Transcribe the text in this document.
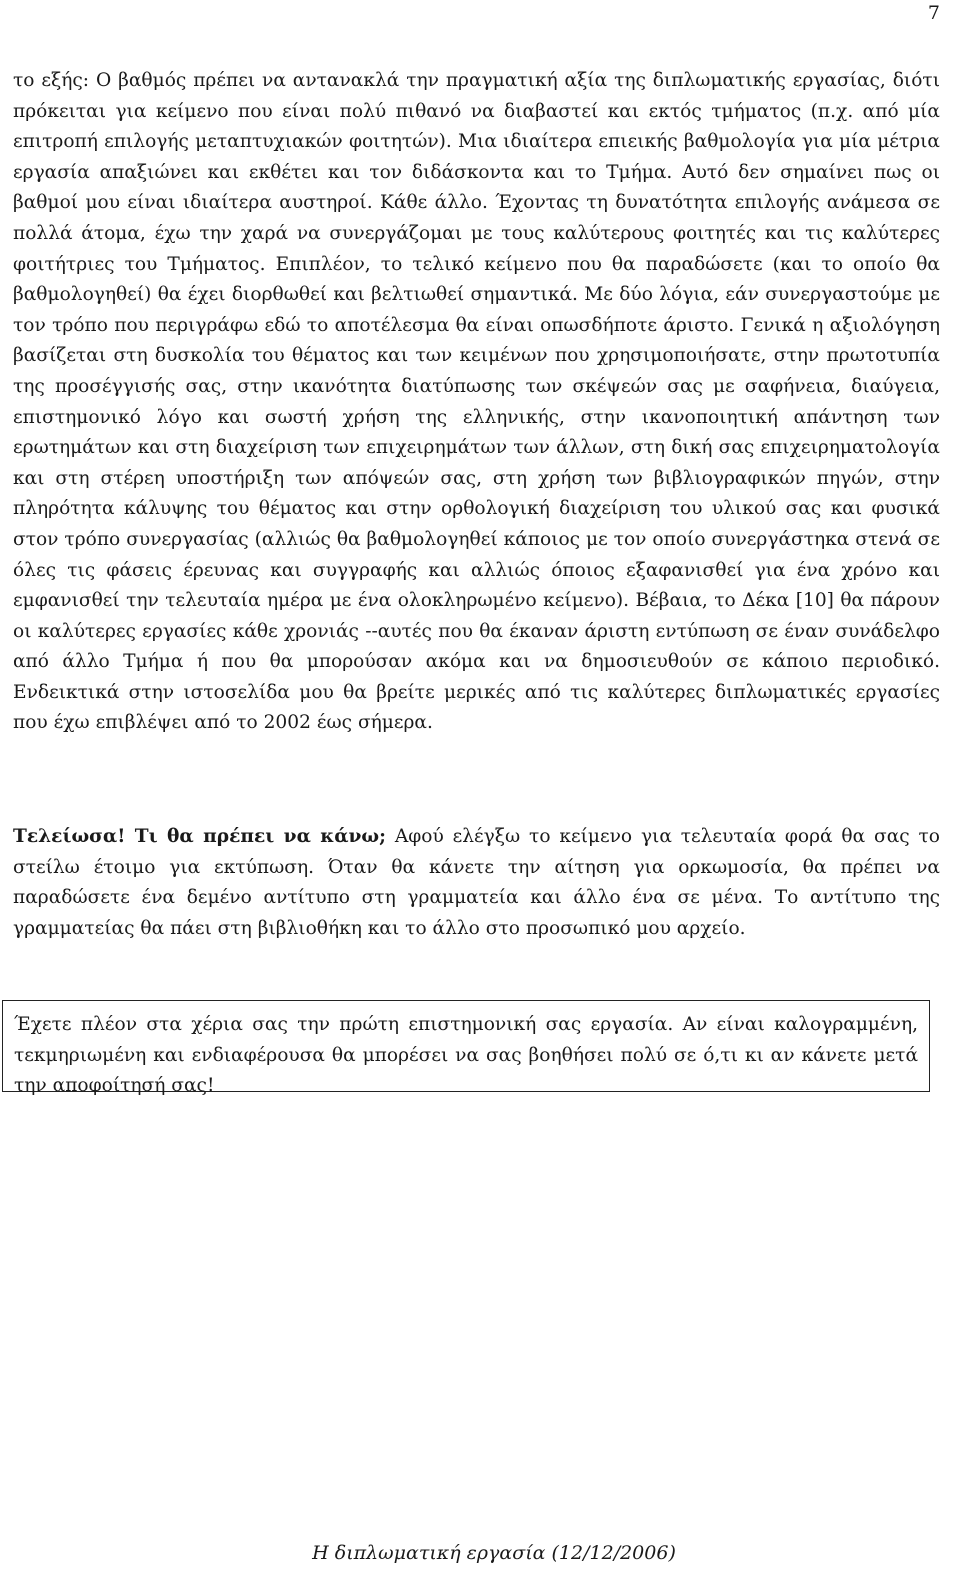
7

το εξής: Ο βαθμός πρέπει να αντανακλά την πραγματική αξία της διπλωματικής εργασίας, διότι πρόκειται για κείμενο που είναι πολύ πιθανό να διαβαστεί και εκτός τμήματος (π.χ. από μία επιτροπή επιλογής μεταπτυχιακών φοιτητών). Μια ιδιαίτερα επιεικής βαθμολογία για μία μέτρια εργασία απαξιώνει και εκθέτει και τον διδάσκοντα και το Τμήμα. Αυτό δεν σημαίνει πως οι βαθμοί μου είναι ιδιαίτερα αυστηροί. Κάθε άλλο. Έχοντας τη δυνατότητα επιλογής ανάμεσα σε πολλά άτομα, έχω την χαρά να συνεργάζομαι με τους καλύτερους φοιτητές και τις καλύτερες φοιτήτριες του Τμήματος. Επιπλέον, το τελικό κείμενο που θα παραδώσετε (και το οποίο θα βαθμολογηθεί) θα έχει διορθωθεί και βελτιωθεί σημαντικά. Με δύο λόγια, εάν συνεργαστούμε με τον τρόπο που περιγράφω εδώ το αποτέλεσμα θα είναι οπωσδήποτε άριστο. Γενικά η αξιολόγηση βασίζεται στη δυσκολία του θέματος και των κειμένων που χρησιμοποιήσατε, στην πρωτοτυπία της προσέγγισής σας, στην ικανότητα διατύπωσης των σκέψεών σας με σαφήνεια, διαύγεια, επιστημονικό λόγο και σωστή χρήση της ελληνικής, στην ικανοποιητική απάντηση των ερωτημάτων και στη διαχείριση των επιχειρημάτων των άλλων, στη δική σας επιχειρηματολογία και στη στέρεη υποστήριξη των απόψεών σας, στη χρήση των βιβλιογραφικών πηγών, στην πληρότητα κάλυψης του θέματος και στην ορθολογική διαχείριση του υλικού σας και φυσικά στον τρόπο συνεργασίας (αλλιώς θα βαθμολογηθεί κάποιος με τον οποίο συνεργάστηκα στενά σε όλες τις φάσεις έρευνας και συγγραφής και αλλιώς όποιος εξαφανισθεί για ένα χρόνο και εμφανισθεί την τελευταία ημέρα με ένα ολοκληρωμένο κείμενο). Βέβαια, το Δέκα [10] θα πάρουν οι καλύτερες εργασίες κάθε χρονιάς --αυτές που θα έκαναν άριστη εντύπωση σε έναν συνάδελφο από άλλο Τμήμα ή που θα μπορούσαν ακόμα και να δημοσιευθούν σε κάποιο περιοδικό. Ενδεικτικά στην ιστοσελίδα μου θα βρείτε μερικές από τις καλύτερες διπλωματικές εργασίες που έχω επιβλέψει από το 2002 έως σήμερα.

Τελείωσα! Τι θα πρέπει να κάνω; Αφού ελέγξω το κείμενο για τελευταία φορά θα σας το στείλω έτοιμο για εκτύπωση. Όταν θα κάνετε την αίτηση για ορκωμοσία, θα πρέπει να παραδώσετε ένα δεμένο αντίτυπο στη γραμματεία και άλλο ένα σε μένα. Το αντίτυπο της γραμματείας θα πάει στη βιβλιοθήκη και το άλλο στο προσωπικό μου αρχείο.

Έχετε πλέον στα χέρια σας την πρώτη επιστημονική σας εργασία. Αν είναι καλογραμμένη, τεκμηριωμένη και ενδιαφέρουσα θα μπορέσει να σας βοηθήσει πολύ σε ό,τι κι αν κάνετε μετά την αποφοίτησή σας!

Η διπλωματική εργασία (12/12/2006)
